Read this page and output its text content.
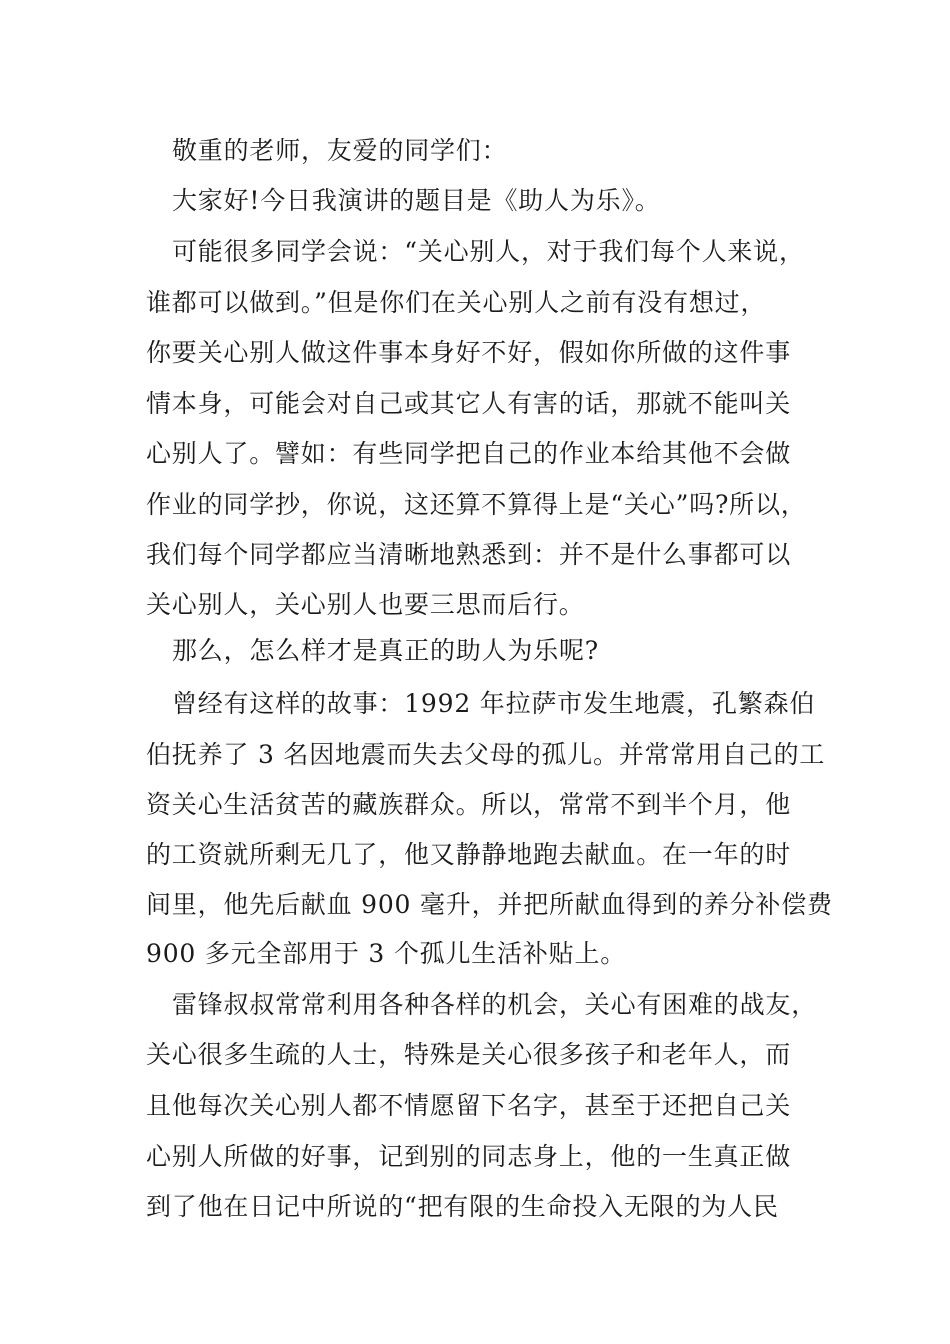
敬重的老师，友爱的同学们：
大家好!今日我演讲的题目是《助人为乐》。
可能很多同学会说：“关心别人，对于我们每个人来说，
谁都可以做到。”但是你们在关心别人之前有没有想过，
你要关心别人做这件事本身好不好，假如你所做的这件事
情本身，可能会对自己或其它人有害的话，那就不能叫关
心别人了。譬如：有些同学把自己的作业本给其他不会做
作业的同学抄，你说，这还算不算得上是“关心”吗?所以，
我们每个同学都应当清晰地熟悉到：并不是什么事都可以
关心别人，关心别人也要三思而后行。
那么，怎么样才是真正的助人为乐呢?
曾经有这样的故事：1992 年拉萨市发生地震，孔繁森伯
伯抚养了 3 名因地震而失去父母的孤儿。并常常用自己的工
资关心生活贫苦的藏族群众。所以，常常不到半个月，他
的工资就所剩无几了，他又静静地跑去献血。在一年的时
间里，他先后献血 900 毫升，并把所献血得到的养分补偿费
900 多元全部用于 3 个孤儿生活补贴上。
雷锋叔叔常常利用各种各样的机会，关心有困难的战友，
关心很多生疏的人士，特殊是关心很多孩子和老年人，而
且他每次关心别人都不情愿留下名字，甚至于还把自己关
心别人所做的好事，记到别的同志身上，他的一生真正做
到了他在日记中所说的“把有限的生命投入无限的为人民
